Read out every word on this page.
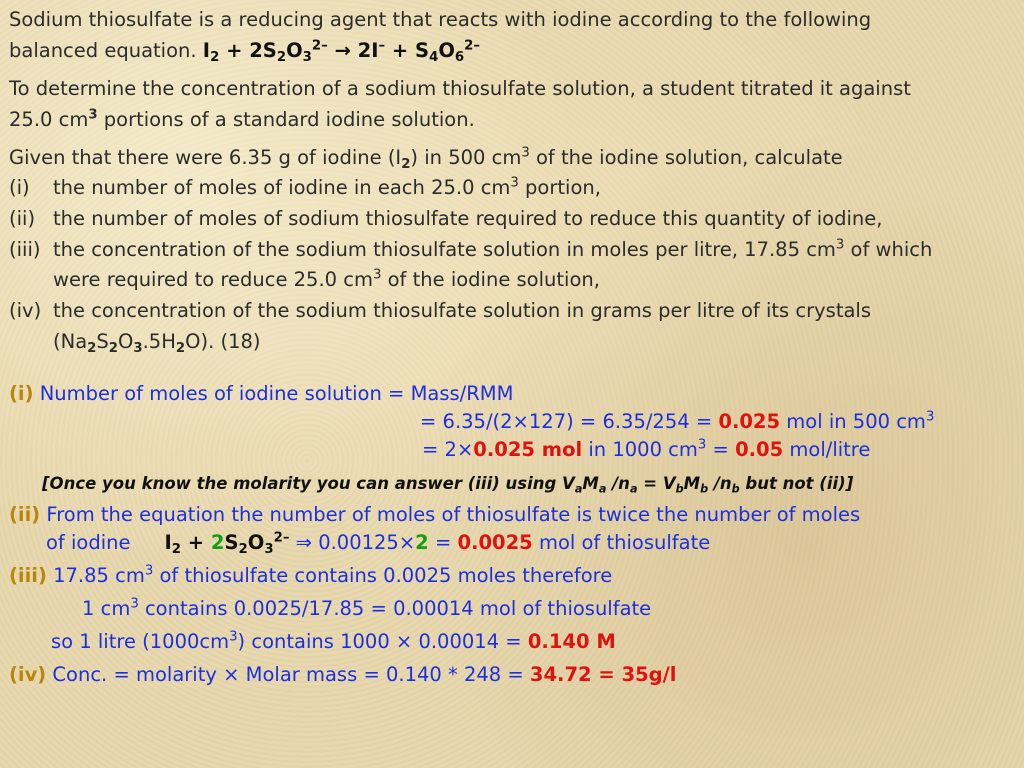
Sodium thiosulfate is a reducing agent that reacts with iodine according to the following
balanced equation. $I_2 + 2S_2O_3^{2-} \to 2I^- + S_4O_6^{2-}$
To determine the concentration of a sodium thiosulfate solution, a student titrated it against
25.0 $cm^3$ portions of a standard iodine solution.
Given that there were 6.35 g of iodine $(I_2)$ in 500 $cm^3$ of the iodine solution, calculate
(i) the number of moles of iodine in each 25.0 $cm^3$ portion,
(ii) the number of moles of sodium thiosulfate required to reduce this quantity of iodine,
(iii) the concentration of the sodium thiosulfate solution in moles per litre, 17.85 $cm^3$ of which
were required to reduce 25.0 $cm^3$ of the iodine solution,
(iv) the concentration of the sodium thiosulfate solution in grams per litre of its crystals
$(Na_2S_2O_3.5H_2O)$. (18)
(i) Number of moles of iodine solution = Mass/RMM
= 6.35/(2×127) = 6.35/254 = 0.025 mol in 500 $cm^3$
= 2×0.025 mol in 1000 $cm^3 = 0.05$ mol/litre
[Once you know the molarity you can answer (iii) using $V_aM_a$ $/n_a = V_bM_b$ $/n_b$ but not (ii)]
(ii) From the equation the number of moles of thiosulfate is twice the number of moles
of iodine $I_2 + 2S_2O_3^{2-}$ ⇒ 0.00125×2 = 0.0025 mol of thiosulfate
(iii) 17.85 $cm^3$ of thiosulfate contains 0.0025 moles therefore
1 $cm^3$ contains 0.0025/17.85 = 0.00014 mol of thiosulfate
so 1 litre $(1000cm^3)$ contains 1000 × 0.00014 = 0.140 M
(iv) Conc. = molarity × Molar mass = 0.140 * 248 = 34.72 = 35g/l
